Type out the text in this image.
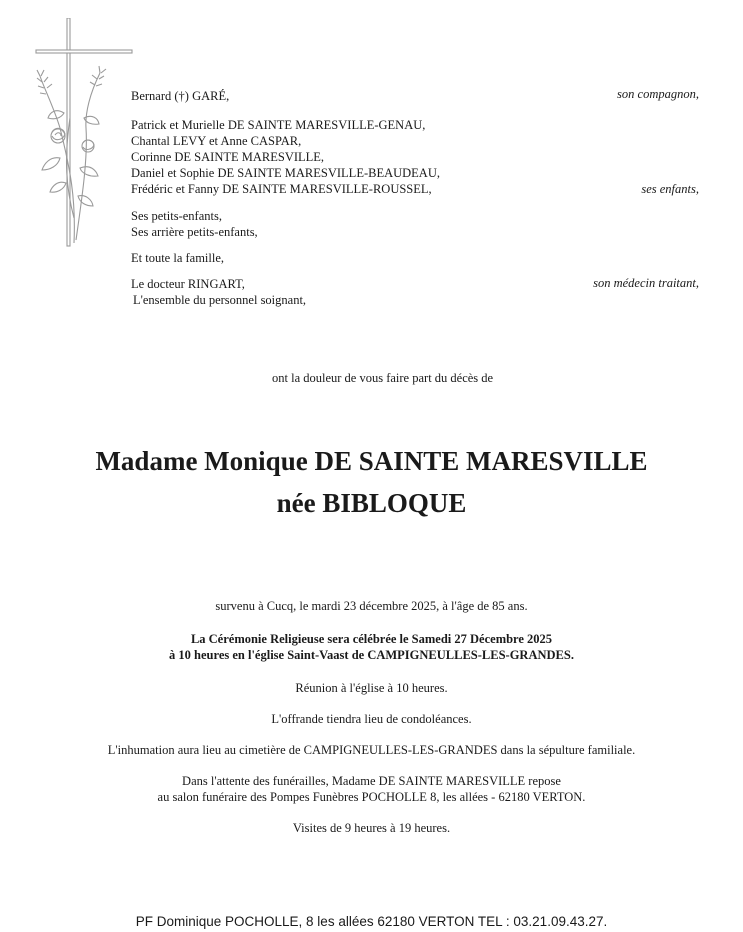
Bernard (†) GARÉ,	son compagnon,
Patrick et Murielle DE SAINTE MARESVILLE-GENAU,
Chantal LEVY et Anne CASPAR,
Corinne DE SAINTE MARESVILLE,
Daniel et Sophie DE SAINTE MARESVILLE-BEAUDEAU,
Frédéric et Fanny DE SAINTE MARESVILLE-ROUSSEL,	ses enfants,
Ses petits-enfants,
Ses arrière petits-enfants,
Et toute la famille,
Le docteur RINGART,	son médecin traitant,
L'ensemble du personnel soignant,
ont la douleur de vous faire part du décès de
Madame Monique DE SAINTE MARESVILLE
née BIBLOQUE
survenu à Cucq, le mardi 23 décembre 2025, à l'âge de 85 ans.
La Cérémonie Religieuse sera célébrée le Samedi 27 Décembre 2025
à 10 heures en l'église Saint-Vaast de CAMPIGNEULLES-LES-GRANDES.
Réunion à l'église à 10 heures.
L'offrande tiendra lieu de condoléances.
L'inhumation aura lieu au cimetière de CAMPIGNEULLES-LES-GRANDES dans la sépulture familiale.
Dans l'attente des funérailles, Madame DE SAINTE MARESVILLE repose
au salon funéraire des Pompes Funèbres POCHOLLE 8, les allées - 62180 VERTON.
Visites de 9 heures à 19 heures.
PF Dominique POCHOLLE, 8 les allées 62180 VERTON TEL : 03.21.09.43.27.
